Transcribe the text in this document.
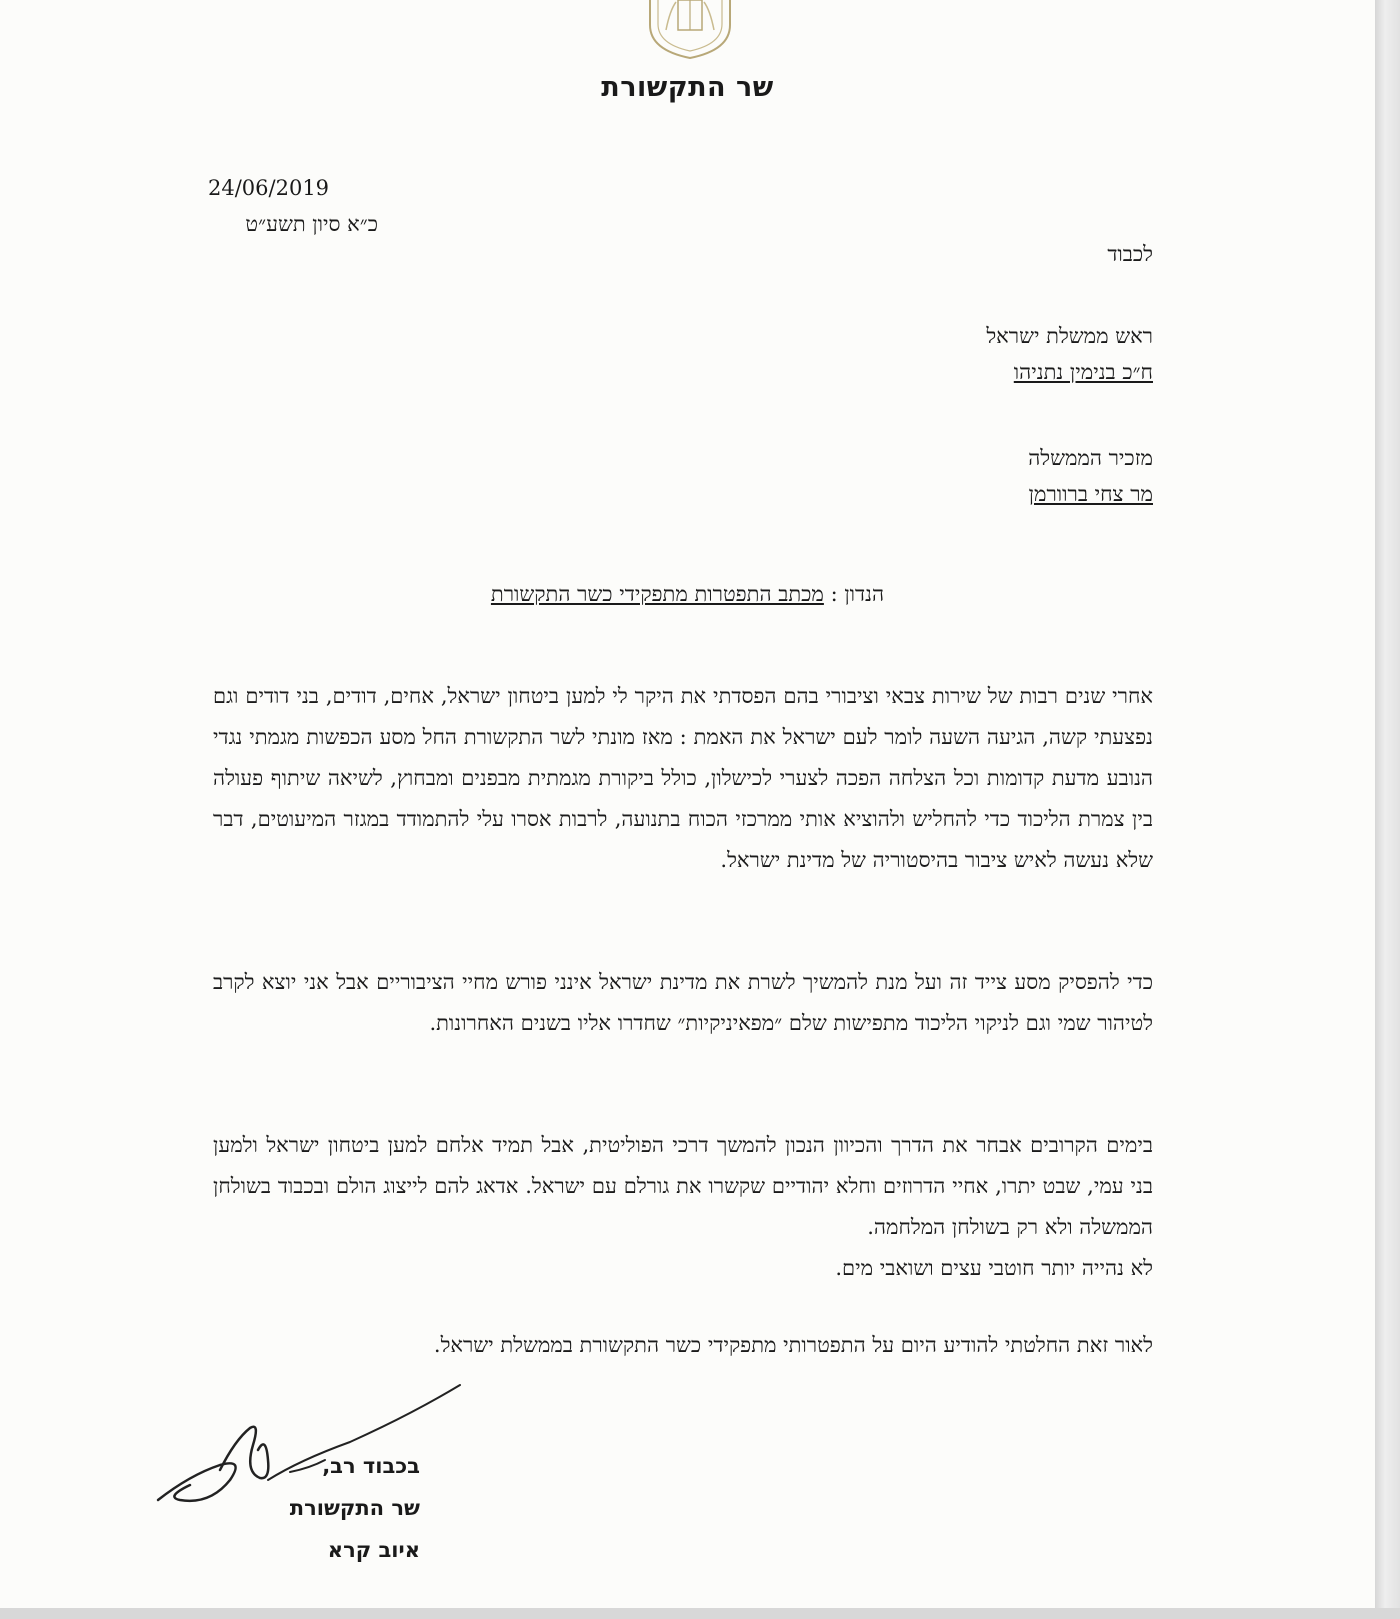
שר התקשורת
24/06/2019
כ״א סיון תשע״ט
לכבוד
ראש ממשלת ישראל
ח״כ בנימין נתניהו
מזכיר הממשלה
מר צחי ברוורמן
הנדון : מכתב התפטרות מתפקידי כשר התקשורת
אחרי שנים רבות של שירות צבאי וציבורי בהם הפסדתי את היקר לי למען ביטחון ישראל, אחים, דודים, בני דודים וגם נפצעתי קשה, הגיעה השעה לומר לעם ישראל את האמת : מאז מונתי לשר התקשורת החל מסע הכפשות מגמתי נגדי הנובע מדעת קדומות וכל הצלחה הפכה לצערי לכישלון, כולל ביקורת מגמתית מבפנים ומבחוץ, לשיאה שיתוף פעולה בין צמרת הליכוד כדי להחליש ולהוציא אותי ממרכזי הכוח בתנועה, לרבות אסרו עלי להתמודד במגזר המיעוטים, דבר שלא נעשה לאיש ציבור בהיסטוריה של מדינת ישראל.
כדי להפסיק מסע צייד זה ועל מנת להמשיך לשרת את מדינת ישראל אינני פורש מחיי הציבוריים אבל אני יוצא לקרב לטיהור שמי וגם לניקוי הליכוד מתפישות שלם ״מפאיניקיות״ שחדרו אליו בשנים האחרונות.
בימים הקרובים אבחר את הדרך והכיוון הנכון להמשך דרכי הפוליטית, אבל תמיד אלחם למען ביטחון ישראל ולמען בני עמי, שבט יתרו, אחיי הדרוזים וחלא יהודיים שקשרו את גורלם עם ישראל. אדאג להם לייצוג הולם ובכבוד בשולחן הממשלה ולא רק בשולחן המלחמה.
לא נהייה יותר חוטבי עצים ושואבי מים.
לאור זאת החלטתי להודיע היום על התפטרותי מתפקידי כשר התקשורת בממשלת ישראל.
בכבוד רב,
שר התקשורת
איוב קרא
